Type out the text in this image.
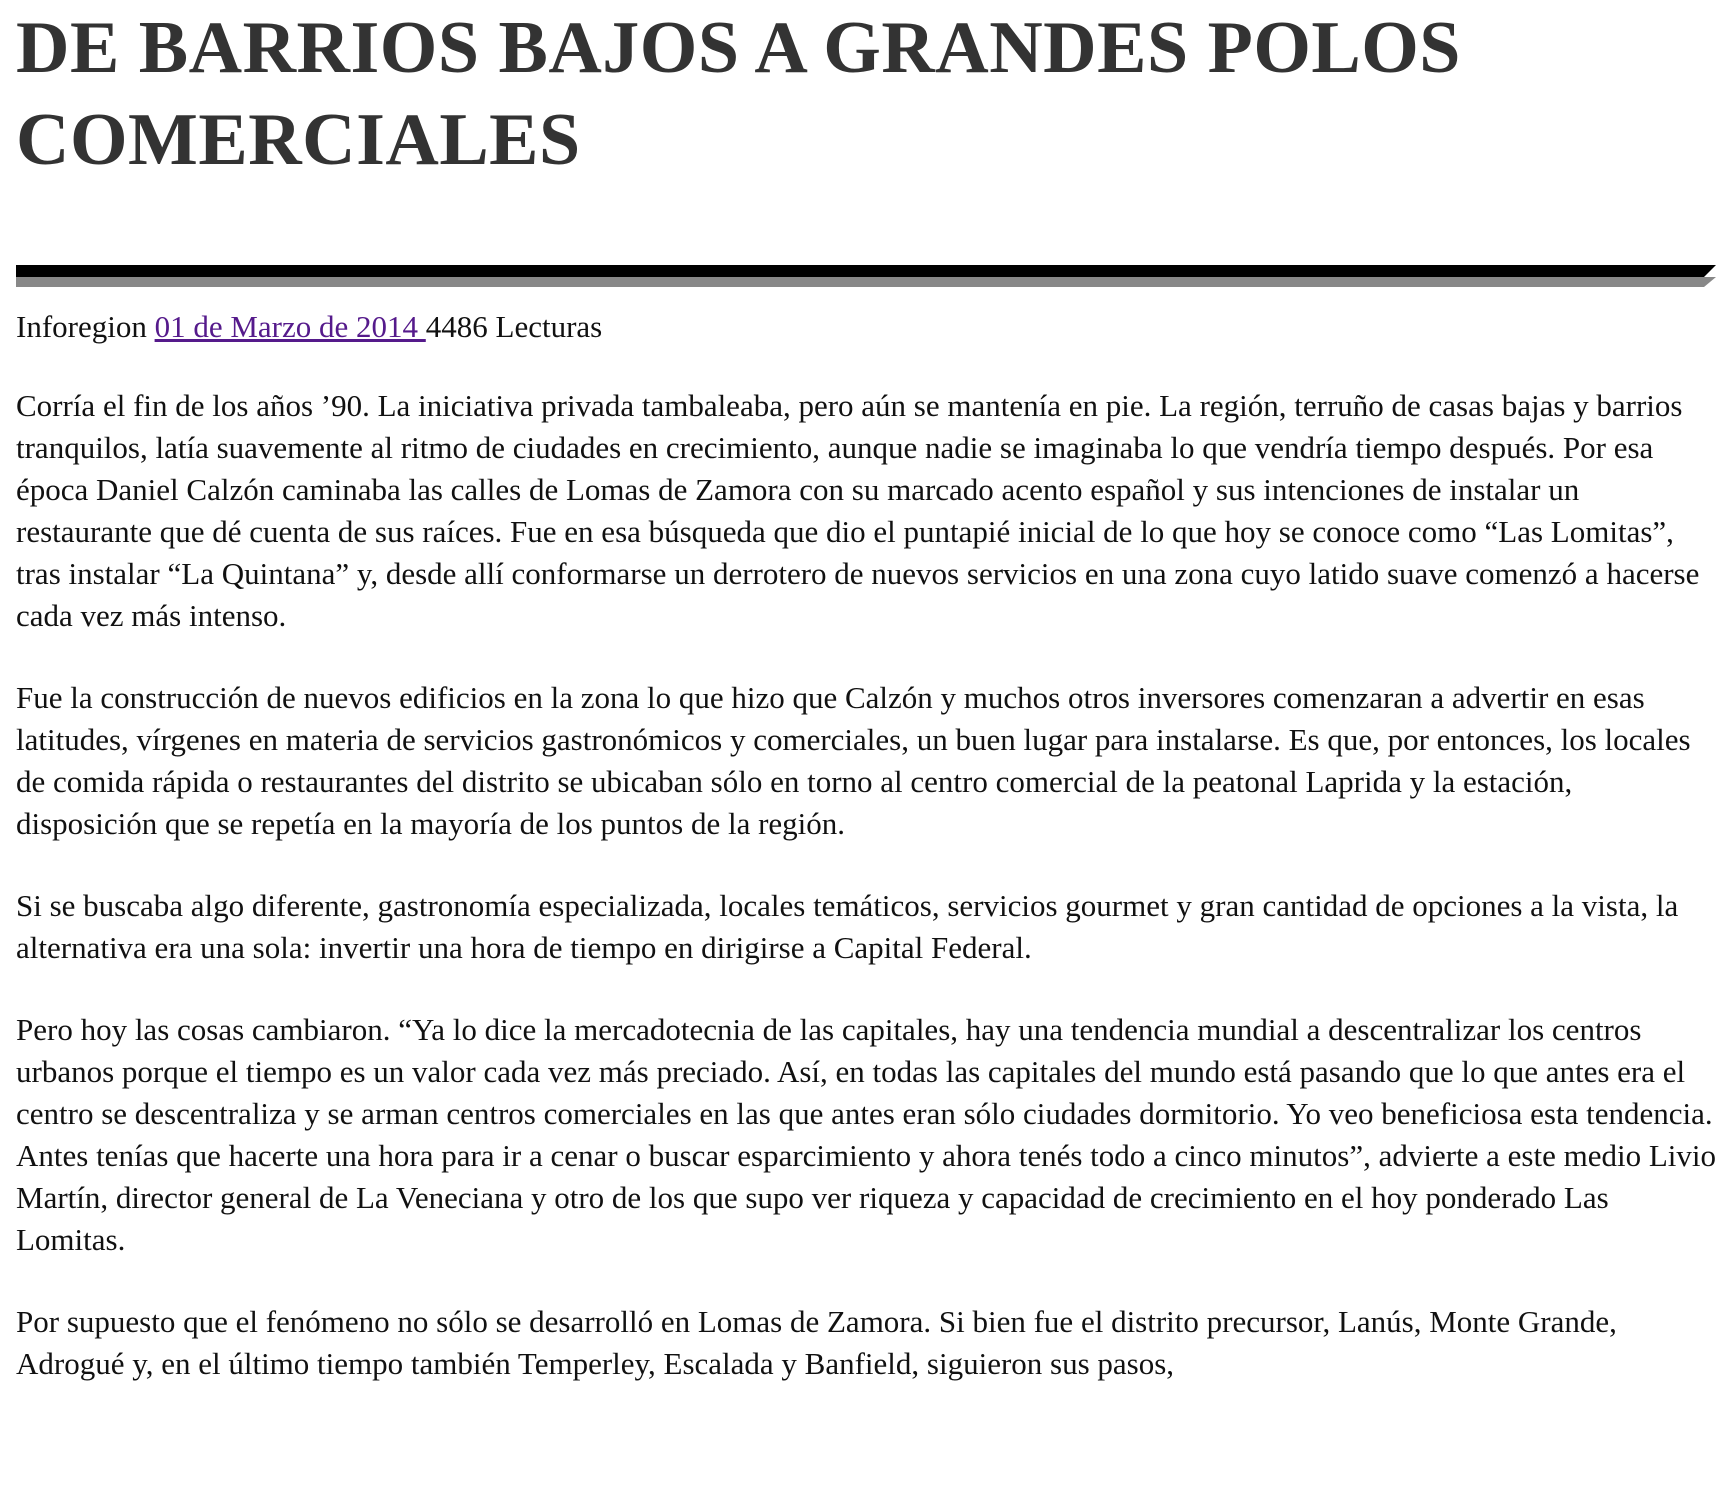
DE BARRIOS BAJOS A GRANDES POLOS COMERCIALES
Inforegion 01 de Marzo de 2014 4486 Lecturas

Corría el fin de los años ’90. La iniciativa privada tambaleaba, pero aún se mantenía en pie. La región, terruño de casas bajas y barrios tranquilos, latía suavemente al ritmo de ciudades en crecimiento, aunque nadie se imaginaba lo que vendría tiempo después. Por esa época Daniel Calzón caminaba las calles de Lomas de Zamora con su marcado acento español y sus intenciones de instalar un restaurante que dé cuenta de sus raíces. Fue en esa búsqueda que dio el puntapié inicial de lo que hoy se conoce como “Las Lomitas”, tras instalar “La Quintana” y, desde allí conformarse un derrotero de nuevos servicios en una zona cuyo latido suave comenzó a hacerse cada vez más intenso.

Fue la construcción de nuevos edificios en la zona lo que hizo que Calzón y muchos otros inversores comenzaran a advertir en esas latitudes, vírgenes en materia de servicios gastronómicos y comerciales, un buen lugar para instalarse. Es que, por entonces, los locales de comida rápida o restaurantes del distrito se ubicaban sólo en torno al centro comercial de la peatonal Laprida y la estación, disposición que se repetía en la mayoría de los puntos de la región.

Si se buscaba algo diferente, gastronomía especializada, locales temáticos, servicios gourmet y gran cantidad de opciones a la vista, la alternativa era una sola: invertir una hora de tiempo en dirigirse a Capital Federal.

Pero hoy las cosas cambiaron. “Ya lo dice la mercadotecnia de las capitales, hay una tendencia mundial a descentralizar los centros urbanos porque el tiempo es un valor cada vez más preciado. Así, en todas las capitales del mundo está pasando que lo que antes era el centro se descentraliza y se arman centros comerciales en las que antes eran sólo ciudades dormitorio. Yo veo beneficiosa esta tendencia. Antes tenías que hacerte una hora para ir a cenar o buscar esparcimiento y ahora tenés todo a cinco minutos”, advierte a este medio Livio Martín, director general de La Veneciana y otro de los que supo ver riqueza y capacidad de crecimiento en el hoy ponderado Las Lomitas.

Por supuesto que el fenómeno no sólo se desarrolló en Lomas de Zamora. Si bien fue el distrito precursor, Lanús, Monte Grande, Adrogué y, en el último tiempo también Temperley, Escalada y Banfield, siguieron sus pasos,
